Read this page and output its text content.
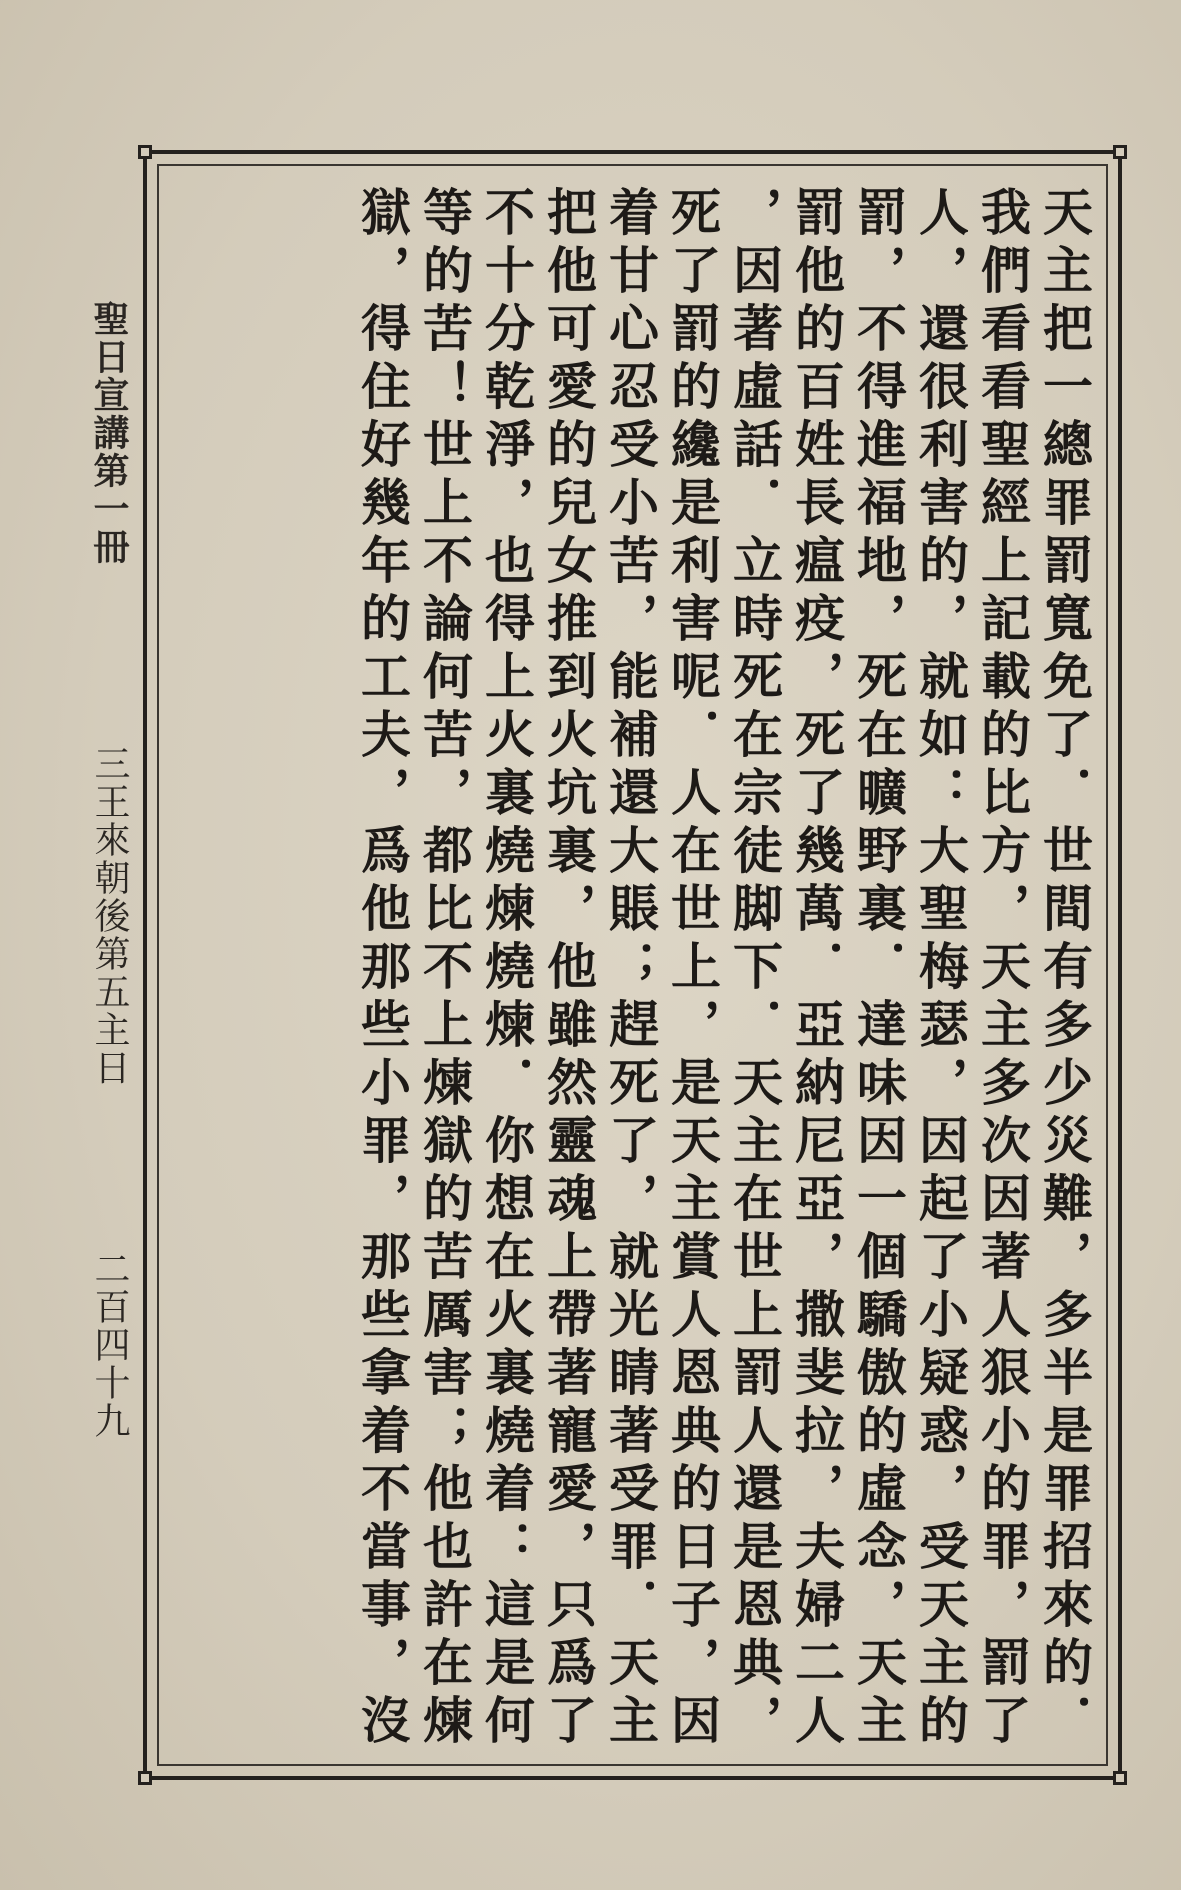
聖日宣講第一冊
三王來朝後第五主日
二百四十九	天主把一總罪罰寬免了．世間有多少災難，多半是罪招來的．
我們看看聖經上記載的比方，天主多次因著人狠小的罪，罰了
人，還很利害的，就如：大聖梅瑟，因起了小疑惑，受天主的
罰，不得進福地，死在曠野裏．達味因一個驕傲的虛念，天主
罰他的百姓長瘟疫，死了幾萬．亞納尼亞，撒斐拉，夫婦二人
，因著虛話．立時死在宗徒脚下．天主在世上罰人還是恩典，
死了罰的纔是利害呢．人在世上，是天主賞人恩典的日子，因
着甘心忍受小苦，能補還大賬；趕死了，就光睛著受罪．天主
把他可愛的兒女推到火坑裏，他雖然靈魂上帶著寵愛，只爲了
不十分乾淨，也得上火裏燒煉燒煉．你想在火裏燒着：這是何
等的苦！世上不論何苦，都比不上煉獄的苦厲害；他也許在煉
獄，得住好幾年的工夫，爲他那些小罪，那些拿着不當事，沒
